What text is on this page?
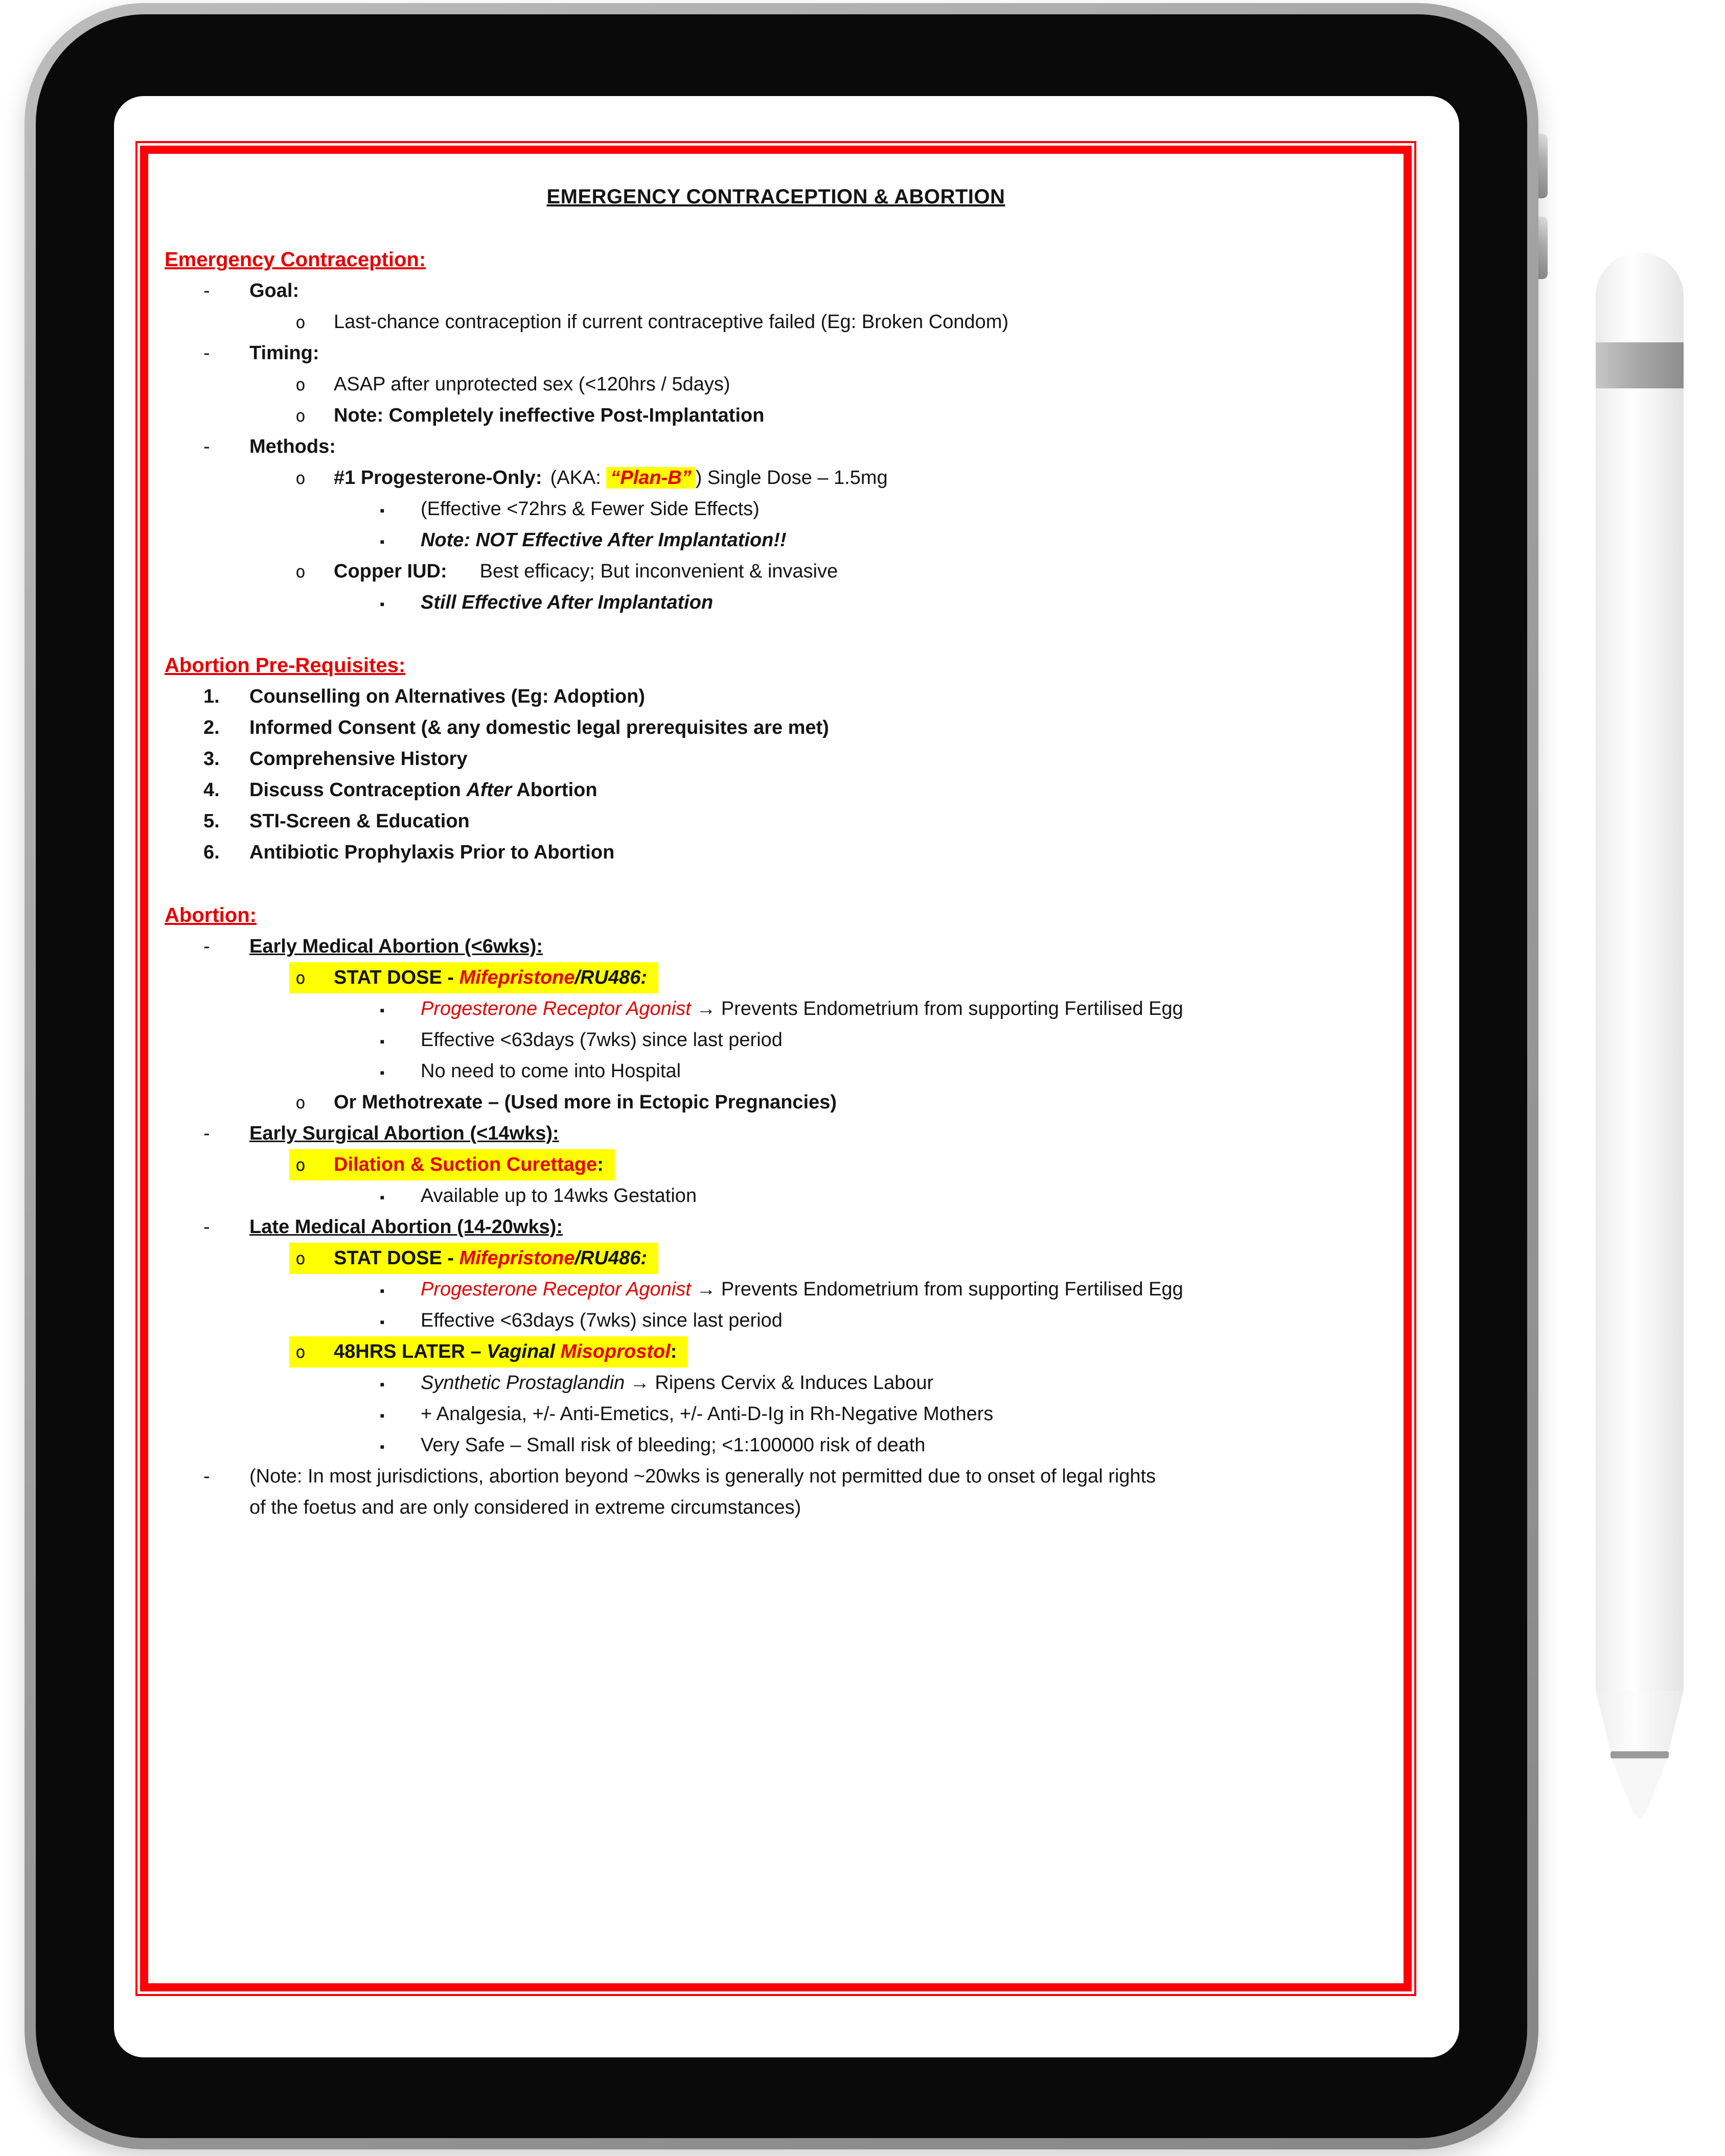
EMERGENCY CONTRACEPTION & ABORTION
Emergency Contraception:
-	Goal:
o	Last-chance contraception if current contraceptive failed (Eg: Broken Condom)
-	Timing:
o	ASAP after unprotected sex (<120hrs / 5days)
o	Note: Completely ineffective Post-Implantation
-	Methods:
o	#1 Progesterone-Only: (AKA: “Plan-B” ) Single Dose – 1.5mg
▪	(Effective <72hrs & Fewer Side Effects)
▪	Note: NOT Effective After Implantation!!
o	Copper IUD: Best efficacy; But inconvenient & invasive
▪	Still Effective After Implantation
Abortion Pre-Requisites:
1.	Counselling on Alternatives (Eg: Adoption)
2.	Informed Consent (& any domestic legal prerequisites are met)
3.	Comprehensive History
4.	Discuss Contraception After Abortion
5.	STI-Screen & Education
6.	Antibiotic Prophylaxis Prior to Abortion
Abortion:
-	Early Medical Abortion (<6wks):
o STAT DOSE - Mifepristone/RU486:
▪	Progesterone Receptor Agonist → Prevents Endometrium from supporting Fertilised Egg
▪	Effective <63days (7wks) since last period
▪	No need to come into Hospital
o	Or Methotrexate – (Used more in Ectopic Pregnancies)
-	Early Surgical Abortion (<14wks):
o Dilation & Suction Curettage:
▪	Available up to 14wks Gestation
-	Late Medical Abortion (14-20wks):
o STAT DOSE - Mifepristone/RU486:
▪	Progesterone Receptor Agonist → Prevents Endometrium from supporting Fertilised Egg
▪	Effective <63days (7wks) since last period
o 48HRS LATER – Vaginal Misoprostol:
▪	Synthetic Prostaglandin → Ripens Cervix & Induces Labour
▪	+ Analgesia, +/- Anti-Emetics, +/- Anti-D-Ig in Rh-Negative Mothers
▪	Very Safe – Small risk of bleeding; <1:100000 risk of death
-	(Note: In most jurisdictions, abortion beyond ~20wks is generally not permitted due to onset of legal rights
of the foetus and are only considered in extreme circumstances)
